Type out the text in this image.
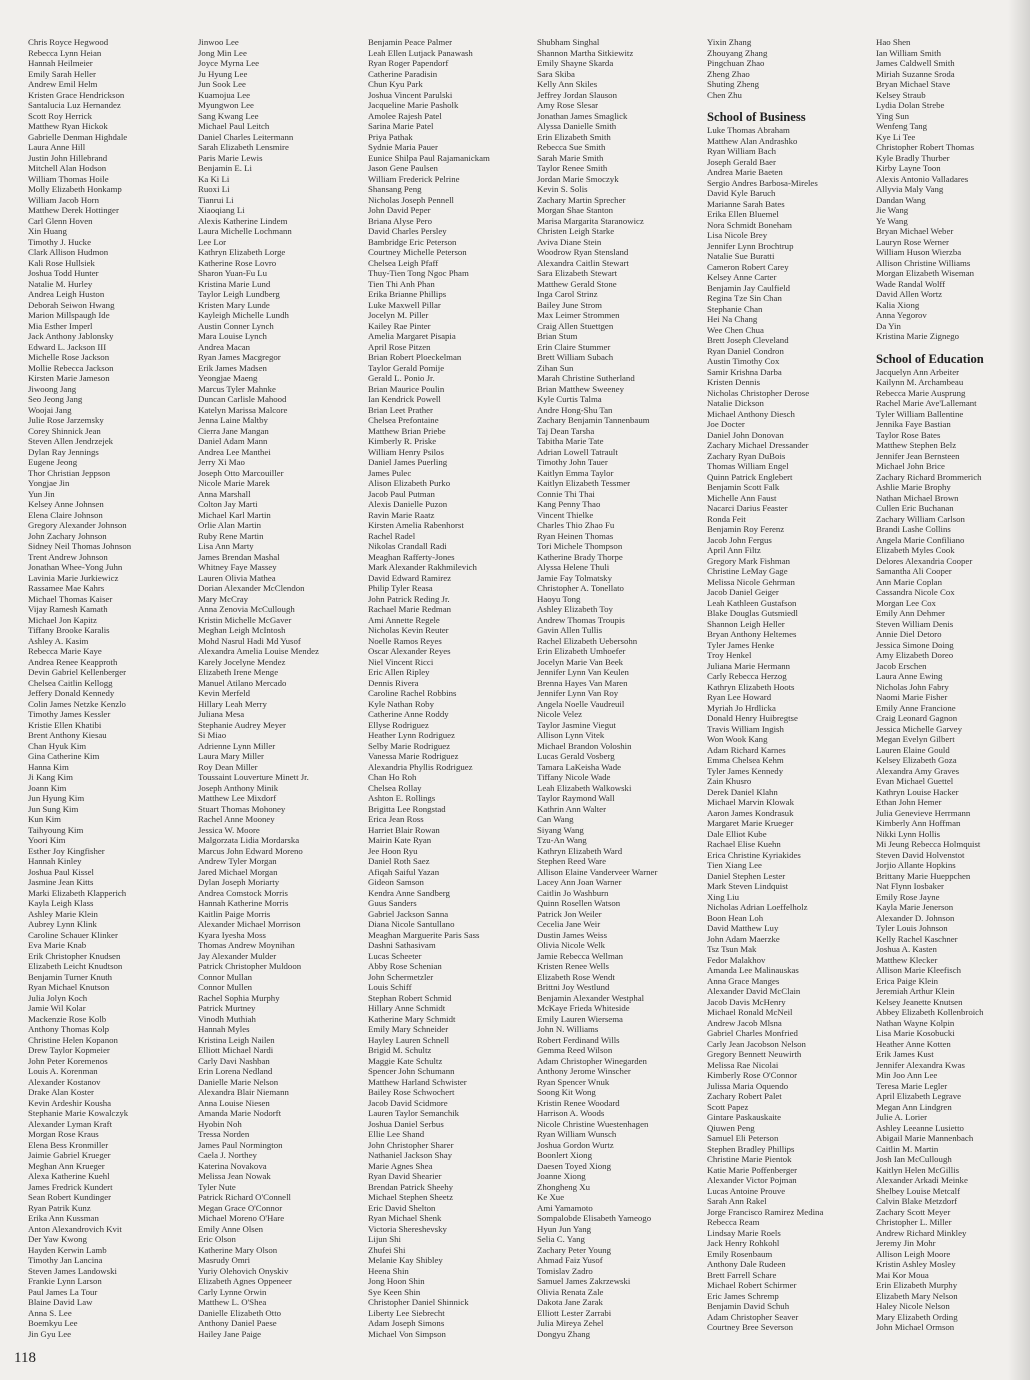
Chris Royce Hegwood
Rebecca Lynn Heian
Hannah Heilmeier
Emily Sarah Heller
Andrew Emil Helm
Kristen Grace Hendrickson
Santalucia Luz Hernandez
Scott Roy Herrick
Matthew Ryan Hickok
Gabrielle Denman Highdale
Laura Anne Hill
Justin John Hillebrand
Mitchell Alan Hodson
William Thomas Hoile
Molly Elizabeth Honkamp
William Jacob Horn
Matthew Derek Hottinger
Carl Glenn Hoven
Xin Huang
Timothy J. Hucke
Clark Allison Hudmon
Kali Rose Hullsiek
Joshua Todd Hunter
Natalie M. Hurley
Andrea Leigh Huston
Deborah Seiwon Hwang
Marion Millspaugh Ide
Mia Esther Imperl
Jack Anthony Jablonsky
Edward L. Jackson III
Michelle Rose Jackson
Mollie Rebecca Jackson
Kirsten Marie Jameson
Jiwoong Jang
Seo Jeong Jang
Woojai Jang
Julie Rose Jarzemsky
Corey Shinnick Jean
Steven Allen Jendrzejek
Dylan Ray Jennings
Eugene Jeong
Thor Christian Jeppson
Yongjae Jin
Yun Jin
Kelsey Anne Johnsen
Elena Claire Johnson
Gregory Alexander Johnson
John Zachary Johnson
Sidney Neil Thomas Johnson
Trent Andrew Johnson
Jonathan Whee-Yong Juhn
Lavinia Marie Jurkiewicz
Rassamee Mae Kahrs
Michael Thomas Kaiser
Vijay Ramesh Kamath
Michael Jon Kapitz
Tiffany Brooke Karalis
Ashley A. Kasim
Rebecca Marie Kaye
Andrea Renee Keapproth
Devin Gabriel Kellenberger
Chelsea Caitlin Kellogg
Jeffery Donald Kennedy
Colin James Netzke Kenzlo
Timothy James Kessler
Kristie Ellen Khatibi
Brent Anthony Kiesau
Chan Hyuk Kim
Gina Catherine Kim
Hanna Kim
Ji Kang Kim
Joann Kim
Jun Hyung Kim
Jun Sung Kim
Kun Kim
Taihyoung Kim
Yoori Kim
Esther Joy Kingfisher
Hannah Kinley
Joshua Paul Kissel
Jasmine Jean Kitts
Marki Elizabeth Klapperich
Kayla Leigh Klass
Ashley Marie Klein
Aubrey Lynn Klink
Caroline Schauer Klinker
Eva Marie Knab
Erik Christopher Knudsen
Elizabeth Leicht Knudtson
Benjamin Turner Knuth
Ryan Michael Knutson
Julia Jolyn Koch
Jamie Wil Kolar
Mackenzie Rose Kolb
Anthony Thomas Kolp
Christine Helen Kopanon
Drew Taylor Kopmeier
John Peter Koremenos
Louis A. Korenman
Alexander Kostanov
Drake Alan Koster
Kevin Ardeshir Kousha
Stephanie Marie Kowalczyk
Alexander Lyman Kraft
Morgan Rose Kraus
Elena Bess Kronmiller
Jaimie Gabriel Krueger
Meghan Ann Krueger
Alexa Katherine Kuehl
James Fredrick Kundert
Sean Robert Kundinger
Ryan Patrik Kunz
Erika Ann Kussman
Anton Alexandrovich Kvit
Der Yaw Kwong
Hayden Kerwin Lamb
Timothy Jan Lancina
Steven James Landowski
Frankie Lynn Larson
Paul James La Tour
Blaine David Law
Anna S. Lee
Boemkyu Lee
Jin Gyu Lee
Jinwoo Lee
Jong Min Lee
Joyce Myrna Lee
Ju Hyung Lee
Jun Sook Lee
Kuamojua Lee
Myungwon Lee
Sang Kwang Lee
Michael Paul Leitch
Daniel Charles Leitermann
Sarah Elizabeth Lensmire
Paris Marie Lewis
Benjamin E. Li
Ka Ki Li
Ruoxi Li
Tianrui Li
Xiaoqiang Li
Alexis Katherine Lindem
Laura Michelle Lochmann
Lee Lor
Kathryn Elizabeth Lorge
Katherine Rose Lovro
Sharon Yuan-Fu Lu
Kristina Marie Lund
Taylor Leigh Lundberg
Kristen Mary Lunde
Kayleigh Michelle Lundh
Austin Conner Lynch
Mara Louise Lynch
Andrea Macan
Ryan James Macgregor
Erik James Madsen
Yeongjae Maeng
Marcus Tyler Mahnke
Duncan Carlisle Mahood
Katelyn Marissa Malcore
Jenna Laine Maltby
Cierra Jane Mangan
Daniel Adam Mann
Andrea Lee Manthei
Jerry Xi Mao
Joseph Otto Marcouiller
Nicole Marie Marek
Anna Marshall
Colton Jay Marti
Michael Karl Martin
Orlie Alan Martin
Ruby Rene Martin
Lisa Ann Marty
James Brendan Mashal
Whitney Faye Massey
Lauren Olivia Mathea
Dorian Alexander McClendon
Mary McCray
Anna Zenovia McCullough
Kristin Michelle McGaver
Meghan Leigh McIntosh
Mohd Nasrul Hadi Md Yusof
Alexandra Amelia Louise Mendez
Karely Jocelyne Mendez
Elizabeth Irene Menge
Manuel Atilano Mercado
Kevin Merfeld
Hillary Leah Merry
Juliana Mesa
Stephanie Audrey Meyer
Si Miao
Adrienne Lynn Miller
Laura Mary Miller
Roy Dean Miller
Toussaint Louverture Minett Jr.
Joseph Anthony Minik
Matthew Lee Mixdorf
Stuart Thomas Mohoney
Rachel Anne Mooney
Jessica W. Moore
Malgorzata Lidia Mordarska
Marcus John Edward Moreno
Andrew Tyler Morgan
Jared Michael Morgan
Dylan Joseph Moriarty
Andrea Comstock Morris
Hannah Katherine Morris
Kaitlin Paige Morris
Alexander Michael Morrison
Kyara Iyesha Moss
Thomas Andrew Moynihan
Jay Alexander Mulder
Patrick Christopher Muldoon
Connor Mullan
Connor Mullen
Rachel Sophia Murphy
Patrick Murtney
Vinodh Muthiah
Hannah Myles
Kristina Leigh Nailen
Elliott Michael Nardi
Carly Davi Nashban
Erin Lorena Nedland
Danielle Marie Nelson
Alexandra Blair Niemann
Anna Louise Niesen
Amanda Marie Nodorft
Hyobin Noh
Tressa Norden
James Paul Normington
Caela J. Northey
Katerina Novakova
Melissa Jean Nowak
Tyler Nute
Patrick Richard O'Connell
Megan Grace O'Connor
Michael Moreno O'Hare
Emily Anne Olsen
Eric Olson
Katherine Mary Olson
Masrudy Omri
Yuriy Olehovich Onyskiv
Elizabeth Agnes Oppeneer
Carly Lynne Orwin
Matthew L. O'Shea
Danielle Elizabeth Otto
Anthony Daniel Paese
Hailey Jane Paige
Benjamin Peace Palmer
Leah Ellen Lutjack Panawash
Ryan Roger Papendorf
Catherine Paradisin
Chun Kyu Park
Joshua Vincent Parulski
Jacqueline Marie Pasholk
Amolee Rajesh Patel
Sarina Marie Patel
Priya Pathak
Sydnie Maria Pauer
Eunice Shilpa Paul Rajamanickam
Jason Gene Paulsen
William Frederick Pelrine
Shansang Peng
Nicholas Joseph Pennell
John David Peper
Briana Alyse Pero
David Charles Persley
Bambridge Eric Peterson
Courtney Michelle Peterson
Chelsea Leigh Pfaff
Thuy-Tien Tong Ngoc Pham
Tien Thi Anh Phan
Erika Brianne Phillips
Luke Maxwell Pillar
Jocelyn M. Piller
Kailey Rae Pinter
Amelia Margaret Pisapia
April Rose Pitzen
Brian Robert Ploeckelman
Taylor Gerald Pomije
Gerald L. Ponio Jr.
Brian Maurice Poulin
Ian Kendrick Powell
Brian Leet Prather
Chelsea Prefontaine
Matthew Brian Priebe
Kimberly R. Priske
William Henry Psilos
Daniel James Puerling
James Pulec
Alison Elizabeth Purko
Jacob Paul Putman
Alexis Danielle Puzon
Ravin Marie Raatz
Kirsten Amelia Rabenhorst
Rachel Radel
Nikolas Crandall Radi
Meaghan Rafferty-Jones
Mark Alexander Rakhmilevich
David Edward Ramirez
Philip Tyler Reasa
John Patrick Reding Jr.
Rachael Marie Redman
Ami Annette Regele
Nicholas Kevin Reuter
Noelle Ramos Reyes
Oscar Alexander Reyes
Niel Vincent Ricci
Eric Allen Ripley
Dennis Rivera
Caroline Rachel Robbins
Kyle Nathan Roby
Catherine Anne Roddy
Ellyse Rodriguez
Heather Lynn Rodriguez
Selby Marie Rodriguez
Vanessa Marie Rodriguez
Alexandria Phyllis Rodriguez
Chan Ho Roh
Chelsea Rollay
Ashton E. Rollings
Brigitta Lee Rongstad
Erica Jean Ross
Harriet Blair Rowan
Mairin Kate Ryan
Jee Hoon Ryu
Daniel Roth Saez
Afiqah Saiful Yazan
Gideon Samson
Kendra Anne Sandberg
Guus Sanders
Gabriel Jackson Sanna
Diana Nicole Santullano
Meaghan Marguerite Paris Sass
Dashni Sathasivam
Lucas Scheeter
Abby Rose Schenian
John Schermetzler
Louis Schiff
Stephan Robert Schmid
Hillary Anne Schmidt
Katherine Mary Schmidt
Emily Mary Schneider
Hayley Lauren Schnell
Brigid M. Schultz
Maggie Kate Schultz
Spencer John Schumann
Matthew Harland Schwister
Bailey Rose Schwochert
Jacob David Scidmore
Lauren Taylor Semanchik
Joshua Daniel Serbus
Ellie Lee Shand
John Christopher Sharer
Nathaniel Jackson Shay
Marie Agnes Shea
Ryan David Shearier
Brendan Patrick Sheehy
Michael Stephen Sheetz
Eric David Shelton
Ryan Michael Shenk
Victoria Shereshevsky
Lijun Shi
Zhufei Shi
Melanie Kay Shibley
Heena Shin
Jong Hoon Shin
Sye Keen Shin
Christopher Daniel Shinnick
Liberty Lee Siebrecht
Adam Joseph Simons
Michael Von Simpson
Shubham Singhal
Shannon Martha Sitkiewitz
Emily Shayne Skarda
Sara Skiba
Kelly Ann Skiles
Jeffrey Jordan Slauson
Amy Rose Slesar
Jonathan James Smaglick
Alyssa Danielle Smith
Erin Elizabeth Smith
Rebecca Sue Smith
Sarah Marie Smith
Taylor Renee Smith
Jordan Marie Smoczyk
Kevin S. Solis
Zachary Martin Sprecher
Morgan Shae Stanton
Marisa Margarita Staranowicz
Christen Leigh Starke
Aviva Diane Stein
Woodrow Ryan Stensland
Alexandra Caitlin Stewart
Sara Elizabeth Stewart
Matthew Gerald Stone
Inga Carol Strinz
Bailey June Strom
Max Leimer Strommen
Craig Allen Stuettgen
Brian Stum
Erin Claire Stummer
Brett William Subach
Zihan Sun
Marah Christine Sutherland
Brian Matthew Sweeney
Kyle Curtis Talma
Andre Hong-Shu Tan
Zachary Benjamin Tannenbaum
Taj Dean Tarsha
Tabitha Marie Tate
Adrian Lowell Tatrault
Timothy John Tauer
Kaitlyn Emma Taylor
Kaitlyn Elizabeth Tessmer
Connie Thi Thai
Kang Penny Thao
Vincent Thielke
Charles Thio Zhao Fu
Ryan Heinen Thomas
Tori Michele Thompson
Katherine Brady Thorpe
Alyssa Helene Thuli
Jamie Fay Tolmatsky
Christopher A. Tonellato
Haoyu Tong
Ashley Elizabeth Toy
Andrew Thomas Troupis
Gavin Allen Tullis
Rachel Elizabeth Uebersohn
Erin Elizabeth Umhoefer
Jocelyn Marie Van Beek
Jennifer Lynn Van Keulen
Brenna Hayes Van Maren
Jennifer Lynn Van Roy
Angela Noelle Vaudreuil
Nicole Velez
Taylor Jasmine Viegut
Allison Lynn Vitek
Michael Brandon Voloshin
Lucas Gerald Vosberg
Tamara LaKeisha Wade
Tiffany Nicole Wade
Leah Elizabeth Walkowski
Taylor Raymond Wall
Kathrin Ann Walter
Can Wang
Siyang Wang
Tzu-An Wang
Kathryn Elizabeth Ward
Stephen Reed Ware
Allison Elaine Vanderveer Warner
Lacey Ann Joan Warner
Caitlin Jo Washburn
Quinn Rosellen Watson
Patrick Jon Weiler
Cecelia Jane Weir
Dustin James Weiss
Olivia Nicole Welk
Jamie Rebecca Wellman
Kristen Renee Wells
Elizabeth Rose Wendt
Brittni Joy Westlund
Benjamin Alexander Westphal
McKaye Frieda Whiteside
Emily Lauren Wiersema
John N. Williams
Robert Ferdinand Wills
Gemma Reed Wilson
Adam Christopher Winegarden
Anthony Jerome Winscher
Ryan Spencer Wnuk
Soong Kit Wong
Kristin Renee Woodard
Harrison A. Woods
Nicole Christine Wuestenhagen
Ryan William Wunsch
Joshua Gordon Wurtz
Boonlert Xiong
Daesen Toyed Xiong
Joanne Xiong
Zhongheng Xu
Ke Xue
Ami Yamamoto
Sompalobde Elisabeth Yameogo
Hyun Jun Yang
Selia C. Yang
Zachary Peter Young
Ahmad Faiz Yusof
Tomislav Zadro
Samuel James Zakrzewski
Olivia Renata Zale
Dakota Jane Zarak
Elliott Lester Zarrabi
Julia Mireya Zehel
Dongyu Zhang
Yixin Zhang
Zhouyang Zhang
Pingchuan Zhao
Zheng Zhao
Shuting Zheng
Chen Zhu
School of Business
Luke Thomas Abraham
Matthew Alan Andrashko
Ryan William Bach
Joseph Gerald Baer
Andrea Marie Baeten
Sergio Andres Barbosa-Mireles
David Kyle Baruch
Marianne Sarah Bates
Erika Ellen Bluemel
Nora Schmidt Boneham
Lisa Nicole Brey
Jennifer Lynn Brochtrup
Natalie Sue Buratti
Cameron Robert Carey
Kelsey Anne Carter
Benjamin Jay Caulfield
Regina Tze Sin Chan
Stephanie Chan
Hei Na Chang
Wee Chen Chua
Brett Joseph Cleveland
Ryan Daniel Condron
Austin Timothy Cox
Samir Krishna Darba
Kristen Dennis
Nicholas Christopher Derose
Natalie Dickson
Michael Anthony Diesch
Joe Docter
Daniel John Donovan
Zachary Michael Dressander
Zachary Ryan DuBois
Thomas William Engel
Quinn Patrick Englebert
Benjamin Scott Falk
Michelle Ann Faust
Nacarci Darius Feaster
Ronda Feit
Benjamin Roy Ferenz
Jacob John Fergus
April Ann Filtz
Gregory Mark Fishman
Christine LeMay Gage
Melissa Nicole Gehrman
Jacob Daniel Geiger
Leah Kathleen Gustafson
Blake Douglas Gutsmiedl
Shannon Leigh Heller
Bryan Anthony Heltemes
Tyler James Henke
Troy Henkel
Juliana Marie Hermann
Carly Rebecca Herzog
Kathryn Elizabeth Hoots
Ryan Lee Howard
Myriah Jo Hrdlicka
Donald Henry Huibregtse
Travis William Ingish
Won Wook Kang
Adam Richard Karnes
Emma Chelsea Kehm
Tyler James Kennedy
Zain Khusro
Derek Daniel Klahn
Michael Marvin Klowak
Aaron James Kondrasuk
Margaret Marie Krueger
Dale Elliot Kube
Rachael Elise Kuehn
Erica Christine Kyriakides
Tien Xiang Lee
Daniel Stephen Lester
Mark Steven Lindquist
Xing Liu
Nicholas Adrian Loeffelholz
Boon Hean Loh
David Matthew Luy
John Adam Maerzke
Tsz Tsun Mak
Fedor Malakhov
Amanda Lee Malinauskas
Anna Grace Manges
Alexander David McClain
Jacob Davis McHenry
Michael Ronald McNeil
Andrew Jacob Mlsna
Gabriel Charles Monfried
Carly Jean Jacobson Nelson
Gregory Bennett Neuwirth
Melissa Rae Nicolai
Kimberly Rose O'Connor
Julissa Maria Oquendo
Zachary Robert Palet
Scott Papez
Gintare Paskauskaite
Qiuwen Peng
Samuel Eli Peterson
Stephen Bradley Phillips
Christine Marie Pientok
Katie Marie Poffenberger
Alexander Victor Pojman
Lucas Antoine Prouve
Sarah Ann Rakel
Jorge Francisco Ramirez Medina
Rebecca Ream
Lindsay Marie Roels
Jack Henry Rohkohl
Emily Rosenbaum
Anthony Dale Rudeen
Brett Farrell Schare
Michael Robert Schirmer
Eric James Schremp
Benjamin David Schuh
Adam Christopher Seaver
Courtney Bree Severson
Hao Shen
Ian William Smith
James Caldwell Smith
Miriah Suzanne Sroda
Bryan Michael Stave
Kelsey Straub
Lydia Dolan Strebe
Ying Sun
Wenfeng Tang
Kye Li Tee
Christopher Robert Thomas
Kyle Bradly Thurber
Kirby Layne Toon
Alexis Antonio Valladares
Allyvia Maly Vang
Dandan Wang
Jie Wang
Ye Wang
Bryan Michael Weber
Lauryn Rose Werner
William Huson Wierzba
Allison Christine Williams
Morgan Elizabeth Wiseman
Wade Randal Wolff
David Allen Wortz
Kalia Xiong
Anna Yegorov
Da Yin
Kristina Marie Zignego
School of Education
Jacquelyn Ann Arbeiter
Kailynn M. Archambeau
Rebecca Marie Ausprung
Rachel Marie Ave'Lallemant
Tyler William Ballentine
Jennika Faye Bastian
Taylor Rose Bates
Matthew Stephen Belz
Jennifer Jean Bernsteen
Michael John Brice
Zachary Richard Brommerich
Ashlie Marie Brophy
Nathan Michael Brown
Cullen Eric Buchanan
Zachary William Carlson
Brandi Lashe Collins
Angela Marie Confiliano
Elizabeth Myles Cook
Delores Alexandria Cooper
Samantha Ali Cooper
Ann Marie Coplan
Cassandra Nicole Cox
Morgan Lee Cox
Emily Ann Dehmer
Steven William Denis
Annie Diel Detoro
Jessica Simone Doing
Amy Elizabeth Doreo
Jacob Erschen
Laura Anne Ewing
Nicholas John Fabry
Naomi Marie Fisher
Emily Anne Francione
Craig Leonard Gagnon
Jessica Michelle Garvey
Megan Evelyn Gilbert
Lauren Elaine Gould
Kelsey Elizabeth Goza
Alexandra Amy Graves
Evan Michael Guettel
Kathryn Louise Hacker
Ethan John Hemer
Julia Genevieve Herrmann
Kimberly Ann Hoffman
Nikki Lynn Hollis
Mi Jeung Rebecca Holmquist
Steven David Holvenstot
Jorjio Allante Hopkins
Brittany Marie Hueppchen
Nat Flynn Iosbaker
Emily Rose Jayne
Kayla Marie Jenerson
Alexander D. Johnson
Tyler Louis Johnson
Kelly Rachel Kaschner
Joshua A. Kasten
Matthew Klecker
Allison Marie Kleefisch
Erica Paige Klein
Jeremiah Arthur Klein
Kelsey Jeanette Knutsen
Abbey Elizabeth Kollenbroich
Nathan Wayne Kolpin
Lisa Marie Kosobucki
Heather Anne Kotten
Erik James Kust
Jennifer Alexandra Kwas
Min Joo Ann Lee
Teresa Marie Legler
April Elizabeth Legrave
Megan Ann Lindgren
Julie A. Lorier
Ashley Leeanne Lusietto
Abigail Marie Mannenbach
Caitlin M. Martin
Josh Ian McCullough
Kaitlyn Helen McGillis
Alexander Arkadi Meinke
Shelbey Louise Metcalf
Calvin Blake Metzdorf
Zachary Scott Meyer
Christopher L. Miller
Andrew Richard Minkley
Jeremy Jin Mohr
Allison Leigh Moore
Kristin Ashley Mosley
Mai Kor Moua
Erin Elizabeth Murphy
Elizabeth Mary Nelson
Haley Nicole Nelson
Mary Elizabeth Ording
John Michael Ormson
118
